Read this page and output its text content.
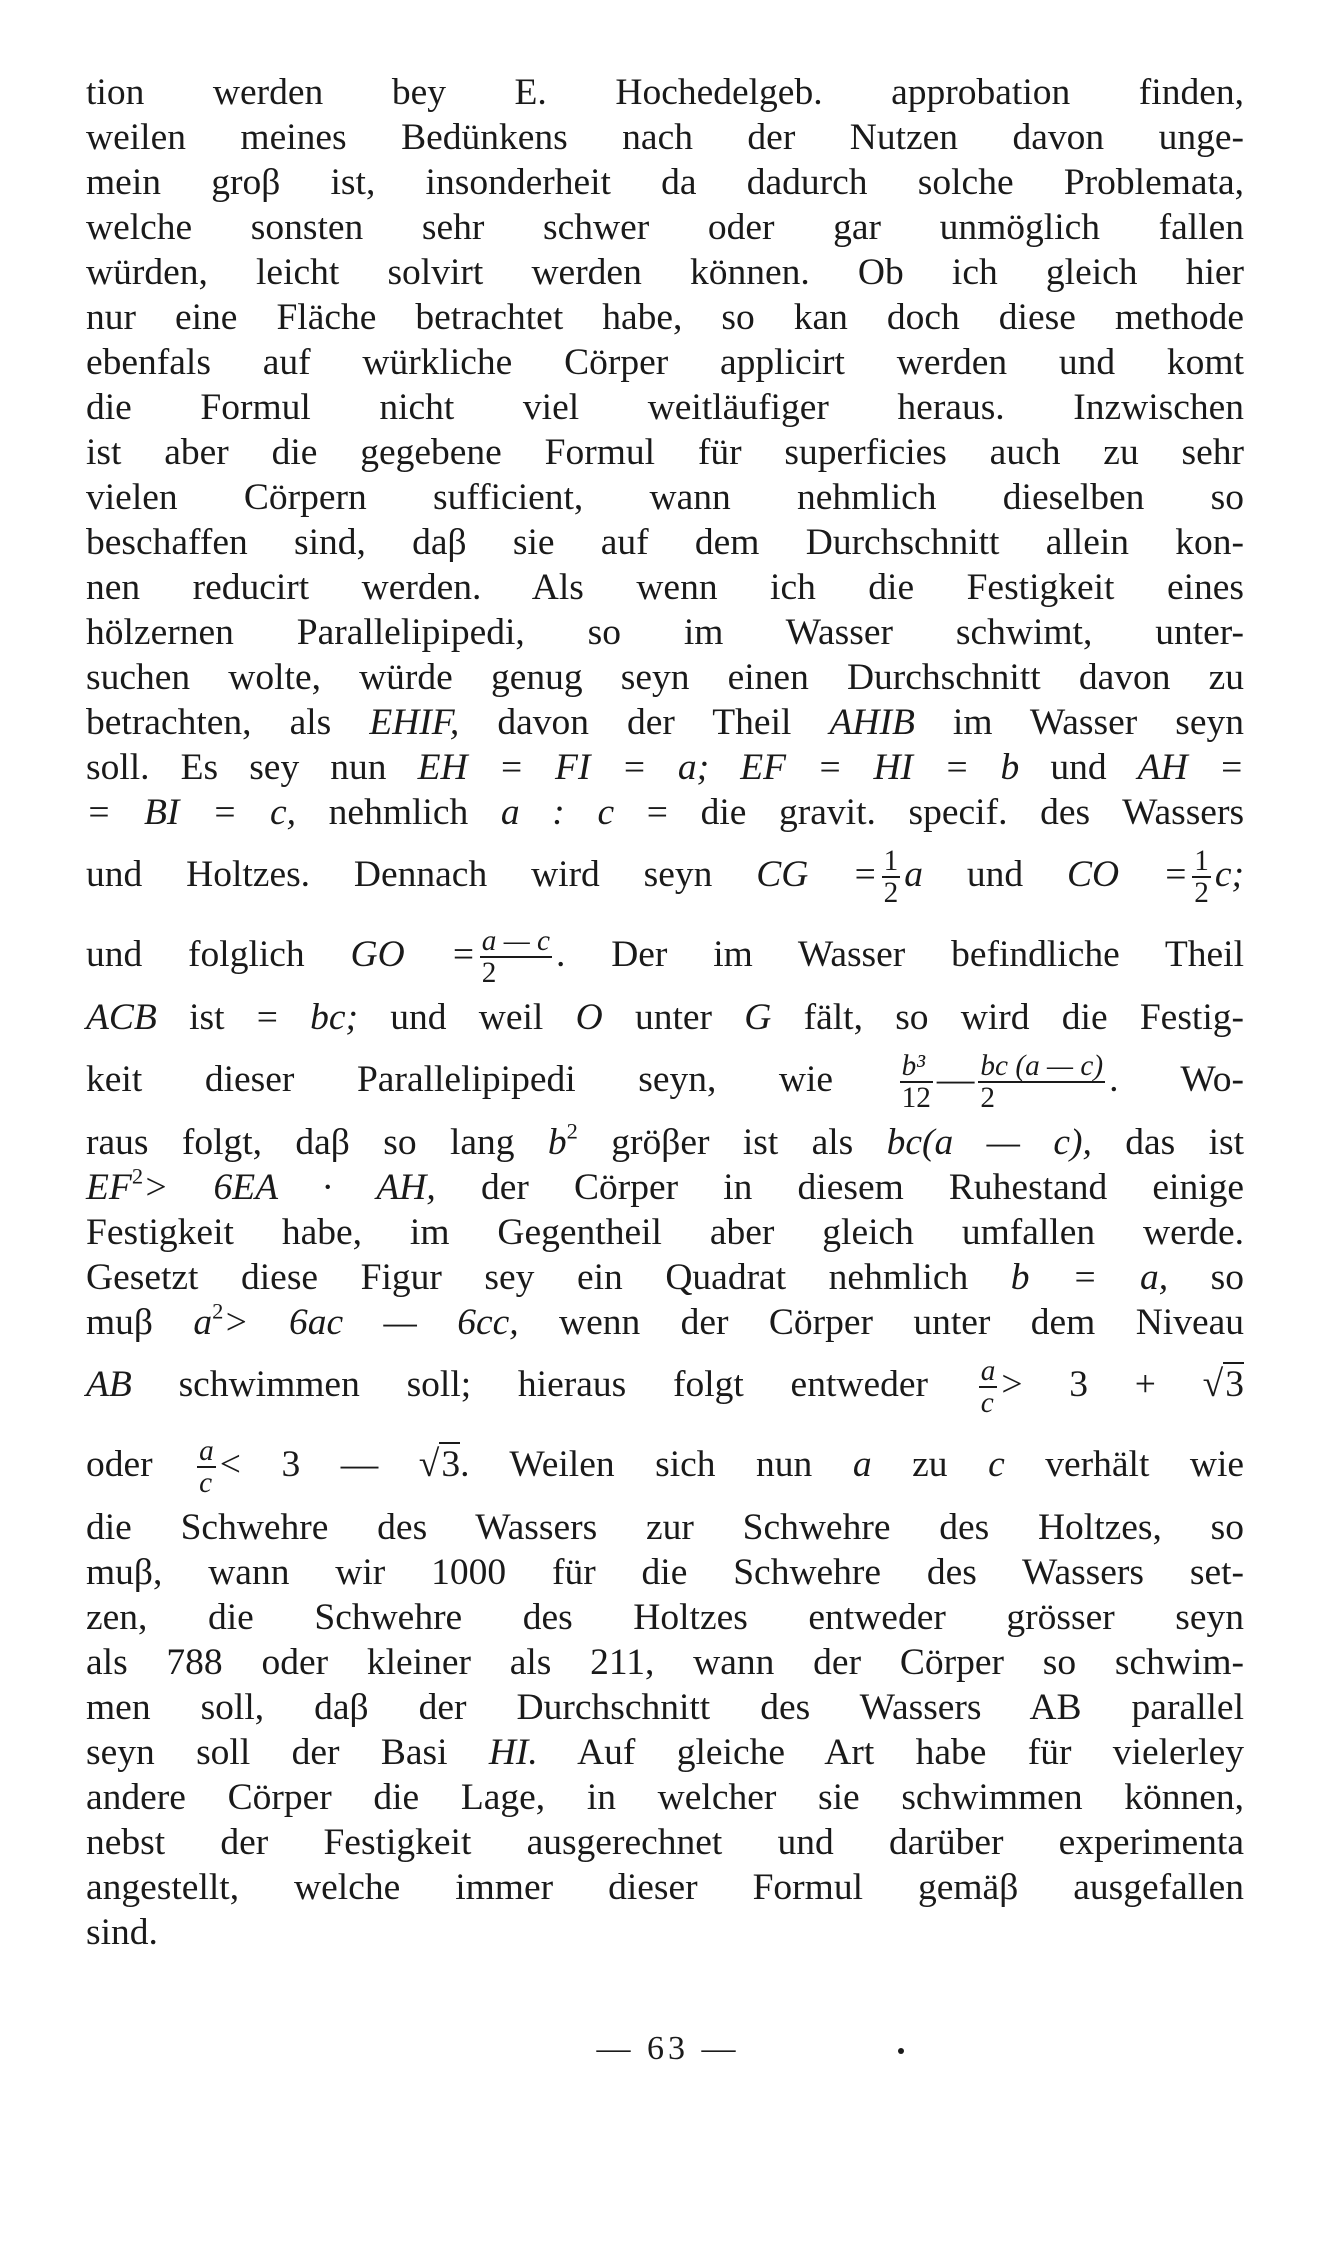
tion werden bey E. Hochedelgeb. approbation finden,
weilen meines Bedünkens nach der Nutzen davon unge-
mein groβ ist, insonderheit da dadurch solche Problemata,
welche sonsten sehr schwer oder gar unmöglich fallen
würden, leicht solvirt werden können. Ob ich gleich hier
nur eine Fläche betrachtet habe, so kan doch diese methode
ebenfals auf würkliche Cörper applicirt werden und komt
die Formul nicht viel weitläufiger heraus. Inzwischen
ist aber die gegebene Formul für superficies auch zu sehr
vielen Cörpern sufficient, wann nehmlich dieselben so
beschaffen sind, daβ sie auf dem Durchschnitt allein kon-
nen reducirt werden. Als wenn ich die Festigkeit eines
hölzernen Parallelipipedi, so im Wasser schwimt, unter-
suchen wolte, würde genug seyn einen Durchschnitt davon zu
betrachten, als EHIF, davon der Theil AHIB im Wasser seyn
soll. Es sey nun EH = FI = a; EF = HI = b und AH =
= BI = c, nehmlich a : c = die gravit. specif. des Wassers
und Holtzes. Dennach wird seyn CG = $\frac{1}{2}$ a und CO = $\frac{1}{2} c$;
und folglich GO = $\frac{a — c}{2}$ . Der im Wasser befindliche Theil
ACB ist = bc; und weil O unter G fält, so wird die Festig-
keit dieser Parallelipipedi seyn, wie $\frac{\text{b³}}{12}$ — $\frac{bc (a — c)}{2}$ . Wo-
raus folgt, daβ so lang $b^2$ gröβer ist als bc(a — c), das ist
$EF^2> 6EA$ · AH, der Cörper in diesem Ruhestand einige
Festigkeit habe, im Gegentheil aber gleich umfallen werde.
Gesetzt diese Figur sey ein Quadrat nehmlich b = a, so
muβ $a^2> 6ac$ — 6cc, wenn der Cörper unter dem Niveau
AB schwimmen soll; hieraus folgt entweder $\frac{a}{c} > 3 + √3$
oder $\frac{a}{c} < 3$ — √3. Weilen sich nun a zu c verhält wie
die Schwehre des Wassers zur Schwehre des Holtzes, so
muβ, wann wir 1000 für die Schwehre des Wassers set-
zen, die Schwehre des Holtzes entweder grösser seyn
als 788 oder kleiner als 211, wann der Cörper so schwim-
men soll, daβ der Durchschnitt des Wassers AB parallel
seyn soll der Basi HI. Auf gleiche Art habe für vielerley
andere Cörper die Lage, in welcher sie schwimmen können,
nebst der Festigkeit ausgerechnet und darüber experimenta
angestellt, welche immer dieser Formul gemäβ ausgefallen
sind.
— 63 —
